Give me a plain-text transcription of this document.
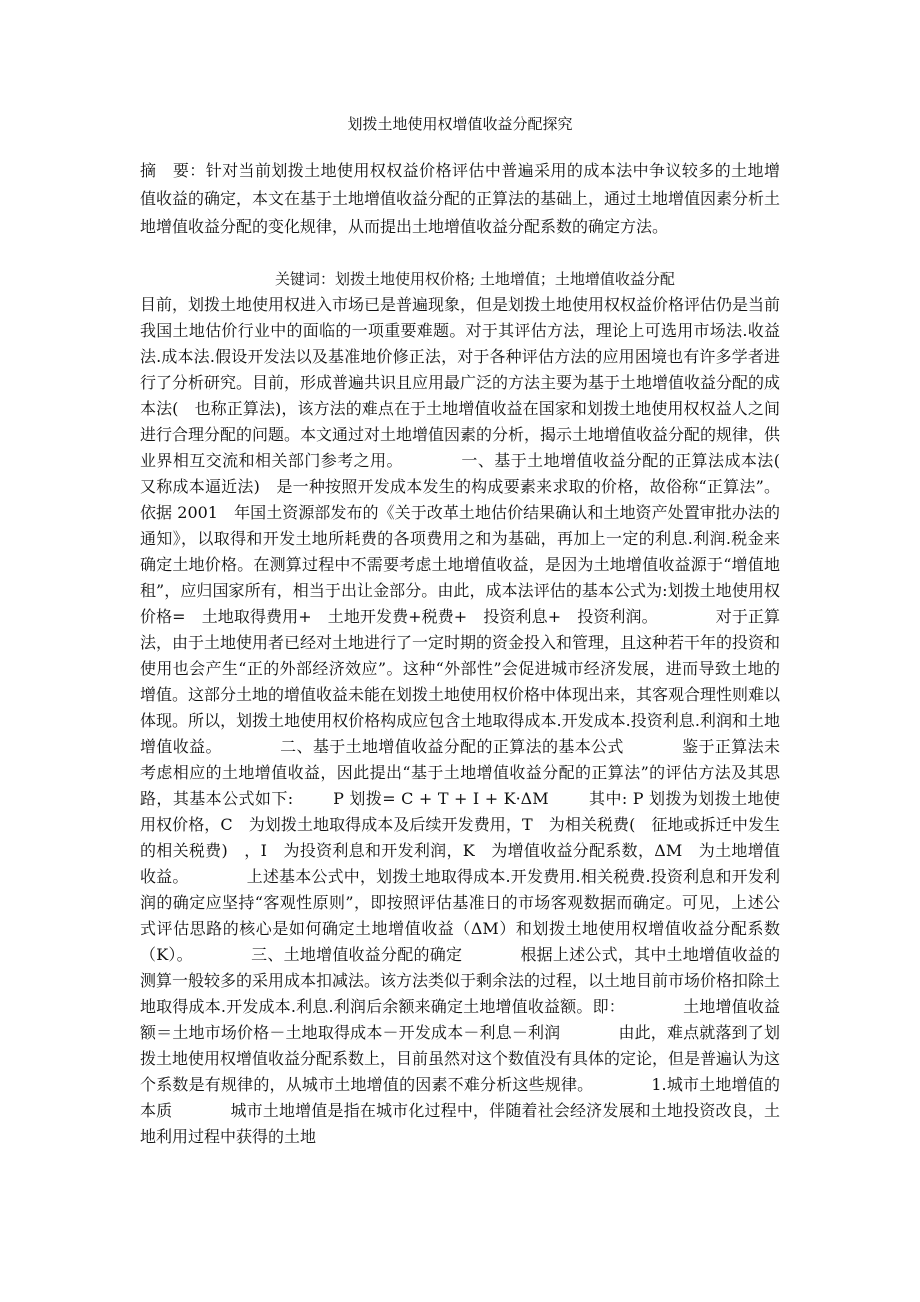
划拨土地使用权增值收益分配探究
摘　要：针对当前划拨土地使用权权益价格评估中普遍采用的成本法中争议较多的土地增值收益的确定，本文在基于土地增值收益分配的正算法的基础上，通过土地增值因素分析土地增值收益分配的变化规律，从而提出土地增值收益分配系数的确定方法。
关键词：划拨土地使用权价格; 土地增值；土地增值收益分配
目前，划拨土地使用权进入市场已是普遍现象，但是划拨土地使用权权益价格评估仍是当前我国土地估价行业中的面临的一项重要难题。对于其评估方法，理论上可选用市场法.收益法.成本法.假设开发法以及基准地价修正法，对于各种评估方法的应用困境也有许多学者进行了分析研究。目前，形成普遍共识且应用最广泛的方法主要为基于土地增值收益分配的成本法(　也称正算法)，该方法的难点在于土地增值收益在国家和划拨土地使用权权益人之间进行合理分配的问题。本文通过对土地增值因素的分析，揭示土地增值收益分配的规律，供业界相互交流和相关部门参考之用。	一、基于土地增值收益分配的正算法成本法(　又称成本逼近法)　是一种按照开发成本发生的构成要素来求取的价格，故俗称“正算法”。依据 2001　年国土资源部发布的《关于改革土地估价结果确认和土地资产处置审批办法的通知》，以取得和开发土地所耗费的各项费用之和为基础，再加上一定的利息.利润.税金来确定土地价格。在测算过程中不需要考虑土地增值收益，是因为土地增值收益源于“增值地租”，应归国家所有，相当于出让金部分。由此，成本法评估的基本公式为:划拨土地使用权价格=　土地取得费用+　土地开发费+税费+　投资利息+　投资利润。	对于正算法，由于土地使用者已经对土地进行了一定时期的资金投入和管理，且这种若干年的投资和使用也会产生“正的外部经济效应”。这种“外部性”会促进城市经济发展，进而导致土地的增值。这部分土地的增值收益未能在划拨土地使用权价格中体现出来，其客观合理性则难以体现。所以，划拨土地使用权价格构成应包含土地取得成本.开发成本.投资利息.利润和土地增值收益。	二、基于土地增值收益分配的正算法的基本公式	鉴于正算法未考虑相应的土地增值收益，因此提出“基于土地增值收益分配的正算法”的评估方法及其思路，其基本公式如下:	P 划拨= C + T + I + K·ΔM	其中: P 划拨为划拨土地使用权价格，C　为划拨土地取得成本及后续开发费用，T　为相关税费(　征地或拆迁中发生的相关税费)　，I　为投资利息和开发利润，K　为增值收益分配系数，ΔM　为土地增值收益。	上述基本公式中，划拨土地取得成本.开发费用.相关税费.投资利息和开发利润的确定应坚持“客观性原则”，即按照评估基准日的市场客观数据而确定。可见，上述公式评估思路的核心是如何确定土地增值收益（ΔM）和划拨土地使用权增值收益分配系数（K）。	三、土地增值收益分配的确定	根据上述公式，其中土地增值收益的测算一般较多的采用成本扣减法。该方法类似于剩余法的过程，以土地目前市场价格扣除土地取得成本.开发成本.利息.利润后余额来确定土地增值收益额。即：	土地增值收益额＝土地市场价格－土地取得成本－开发成本－利息－利润	由此，难点就落到了划拨土地使用权增值收益分配系数上，目前虽然对这个数值没有具体的定论，但是普遍认为这个系数是有规律的，从城市土地增值的因素不难分析这些规律。	1.城市土地增值的本质	城市土地增值是指在城市化过程中，伴随着社会经济发展和土地投资改良，土地利用过程中获得的土地
